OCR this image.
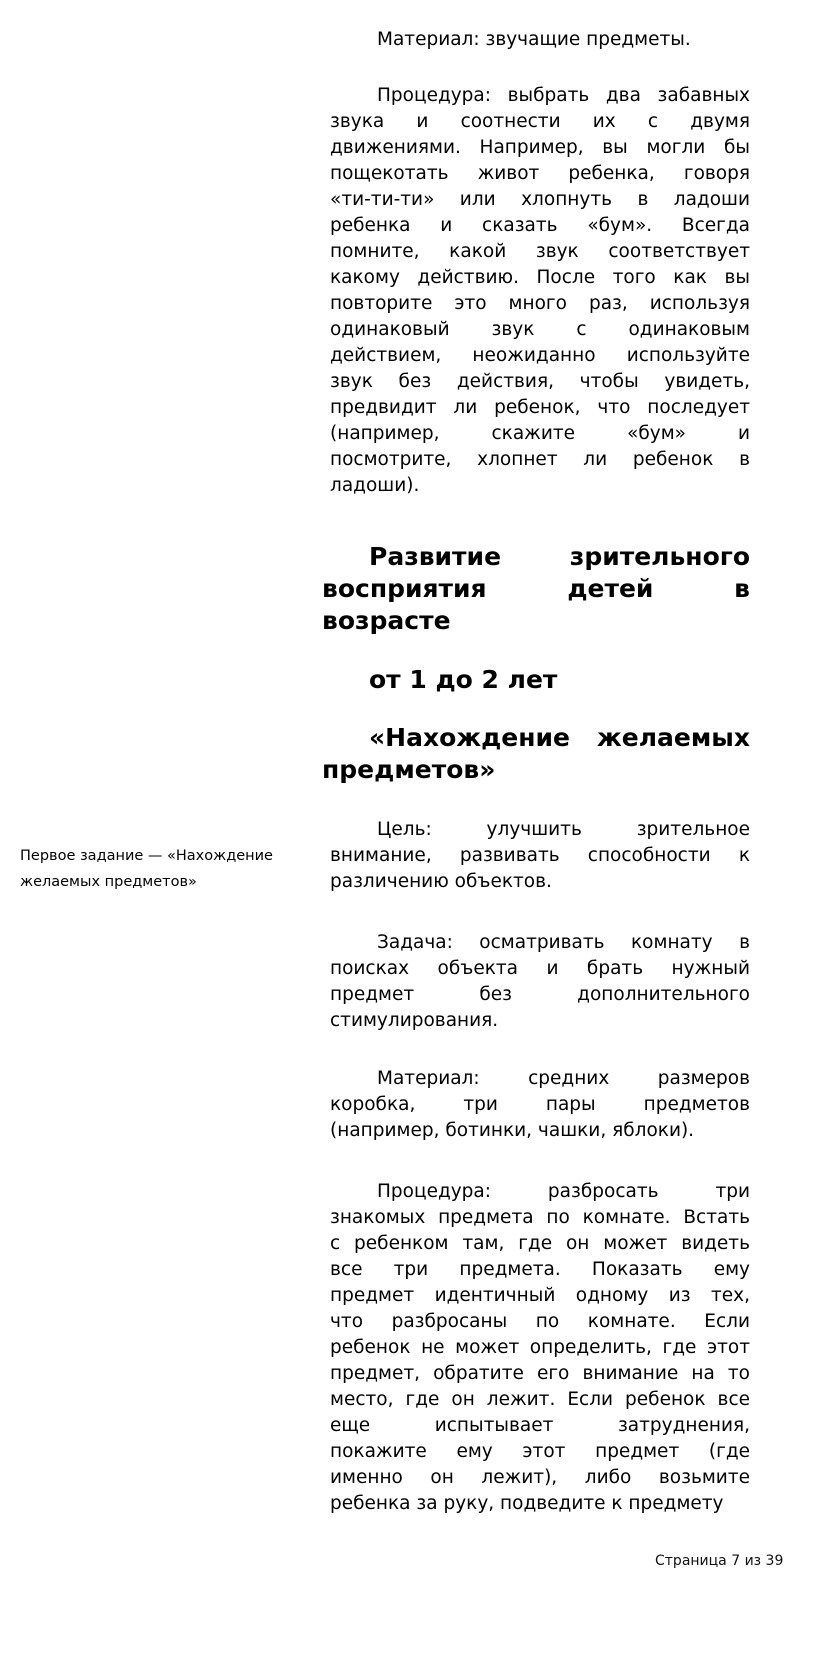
Материал: звучащие предметы.
Процедура: выбрать два забавных
звука и соотнести их с двумя
движениями. Например, вы могли бы
пощекотать живот ребенка, говоря
«ти-ти-ти» или хлопнуть в ладоши
ребенка и сказать «бум». Всегда
помните, какой звук соответствует
какому действию. После того как вы
повторите это много раз, используя
одинаковый звук с одинаковым
действием, неожиданно используйте
звук без действия, чтобы увидеть,
предвидит ли ребенок, что последует
(например, скажите «бум» и
посмотрите, хлопнет ли ребенок в
ладоши).
Развитие зрительного
восприятия детей в
возрасте
от 1 до 2 лет
«Нахождение желаемых
предметов»
Первое задание — «Нахождение
желаемых предметов»
Цель: улучшить зрительное
внимание, развивать способности к
различению объектов.
Задача: осматривать комнату в
поисках объекта и брать нужный
предмет без дополнительного
стимулирования.
Материал: средних размеров
коробка, три пары предметов
(например, ботинки, чашки, яблоки).
Процедура: разбросать три
знакомых предмета по комнате. Встать
с ребенком там, где он может видеть
все три предмета. Показать ему
предмет идентичный одному из тех,
что разбросаны по комнате. Если
ребенок не может определить, где этот
предмет, обратите его внимание на то
место, где он лежит. Если ребенок все
еще испытывает затруднения,
покажите ему этот предмет (где
именно он лежит), либо возьмите
ребенка за руку, подведите к предмету
Страница 7 из 39
